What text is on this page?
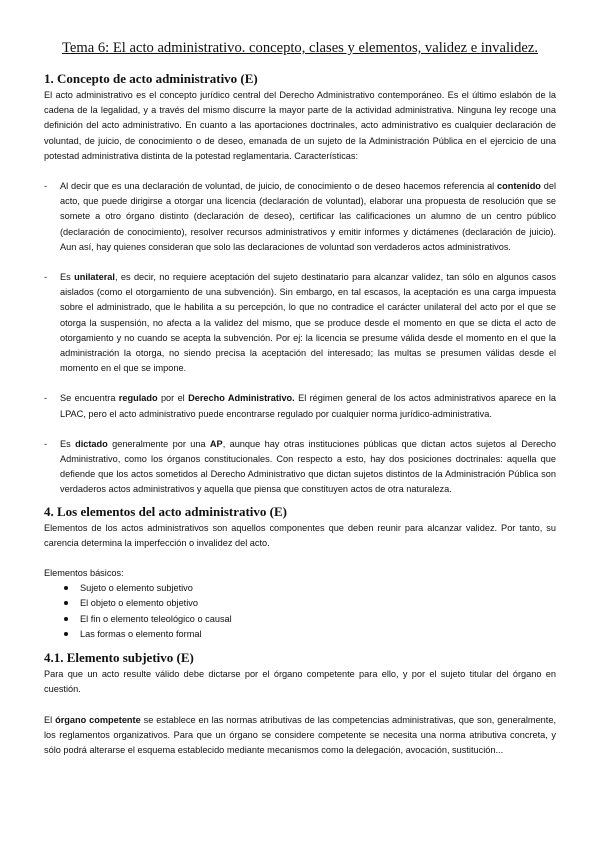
Tema 6: El acto administrativo. concepto, clases y elementos, validez e invalidez.
1. Concepto de acto administrativo (E)

El acto administrativo es el concepto jurídico central del Derecho Administrativo contemporáneo. Es el último eslabón de la cadena de la legalidad, y a través del mismo discurre la mayor parte de la actividad administrativa. Ninguna ley recoge una definición del acto administrativo. En cuanto a las aportaciones doctrinales, acto administrativo es cualquier declaración de voluntad, de juicio, de conocimiento o de deseo, emanada de un sujeto de la Administración Pública en el ejercicio de una potestad administrativa distinta de la potestad reglamentaria. Características:

- Al decir que es una declaración de voluntad, de juicio, de conocimiento o de deseo hacemos referencia al contenido del acto, que puede dirigirse a otorgar una licencia (declaración de voluntad), elaborar una propuesta de resolución que se somete a otro órgano distinto (declaración de deseo), certificar las calificaciones un alumno de un centro público (declaración de conocimiento), resolver recursos administrativos y emitir informes y dictámenes (declaración de juicio). Aun así, hay quienes consideran que solo las declaraciones de voluntad son verdaderos actos administrativos.

- Es unilateral, es decir, no requiere aceptación del sujeto destinatario para alcanzar validez, tan sólo en algunos casos aislados (como el otorgamiento de una subvención). Sin embargo, en tal escasos, la aceptación es una carga impuesta sobre el administrado, que le habilita a su percepción, lo que no contradice el carácter unilateral del acto por el que se otorga la suspensión, no afecta a la validez del mismo, que se produce desde el momento en que se dicta el acto de otorgamiento y no cuando se acepta la subvención. Por ej: la licencia se presume válida desde el momento en el que la administración la otorga, no siendo precisa la aceptación del interesado; las multas se presumen válidas desde el momento en el que se impone.

- Se encuentra regulado por el Derecho Administrativo. El régimen general de los actos administrativos aparece en la LPAC, pero el acto administrativo puede encontrarse regulado por cualquier norma jurídico-administrativa.

- Es dictado generalmente por una AP, aunque hay otras instituciones públicas que dictan actos sujetos al Derecho Administrativo, como los órganos constitucionales. Con respecto a esto, hay dos posiciones doctrinales: aquella que defiende que los actos sometidos al Derecho Administrativo que dictan sujetos distintos de la Administración Pública son verdaderos actos administrativos y aquella que piensa que constituyen actos de otra naturaleza.

4. Los elementos del acto administrativo (E)

Elementos de los actos administrativos son aquellos componentes que deben reunir para alcanzar validez. Por tanto, su carencia determina la imperfección o invalidez del acto.

Elementos básicos:

Sujeto o elemento subjetivo
El objeto o elemento objetivo
El fin o elemento teleológico o causal
Las formas o elemento formal
4.1. Elemento subjetivo (E)

Para que un acto resulte válido debe dictarse por el órgano competente para ello, y por el sujeto titular del órgano en cuestión.

El órgano competente se establece en las normas atributivas de las competencias administrativas, que son, generalmente, los reglamentos organizativos. Para que un órgano se considere competente se necesita una norma atributiva concreta, y sólo podrá alterarse el esquema establecido mediante mecanismos como la delegación, avocación, sustitución...
